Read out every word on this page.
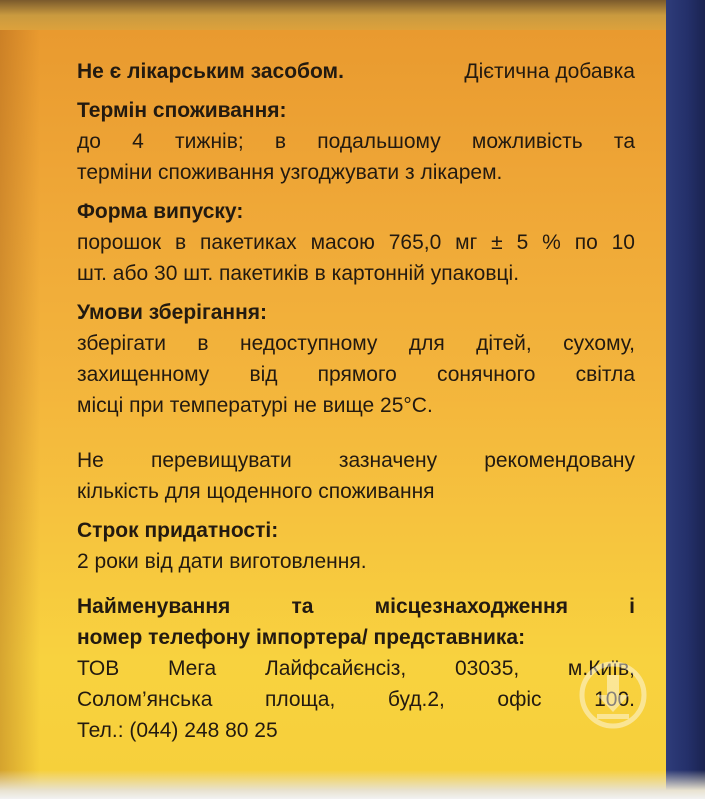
Не є лікарським засобом.	Дієтична добавка
Термін споживання:

до 4 тижнів; в подальшому можливість та

терміни споживання узгоджувати з лікарем.

Форма випуску:

порошок в пакетиках масою 765,0 мг ± 5 % по 10

шт. або 30 шт. пакетиків в картонній упаковці.

Умови зберігання:

зберігати в недоступному для дітей, сухому,

захищенному від прямого сонячного світла

місці при температурі не вище 25°С.

Не перевищувати зазначену рекомендовану

кількість для щоденного споживання

Строк придатності:

2 роки від дати виготовлення.

Найменування та місцезнаходження і
номер телефону імпортера/ представника:

ТОВ Мега Лайфсайєнсіз, 03035, м.Київ,

Солом’янська площа, буд.2, офіс 100.

Тел.: (044) 248 80 25
